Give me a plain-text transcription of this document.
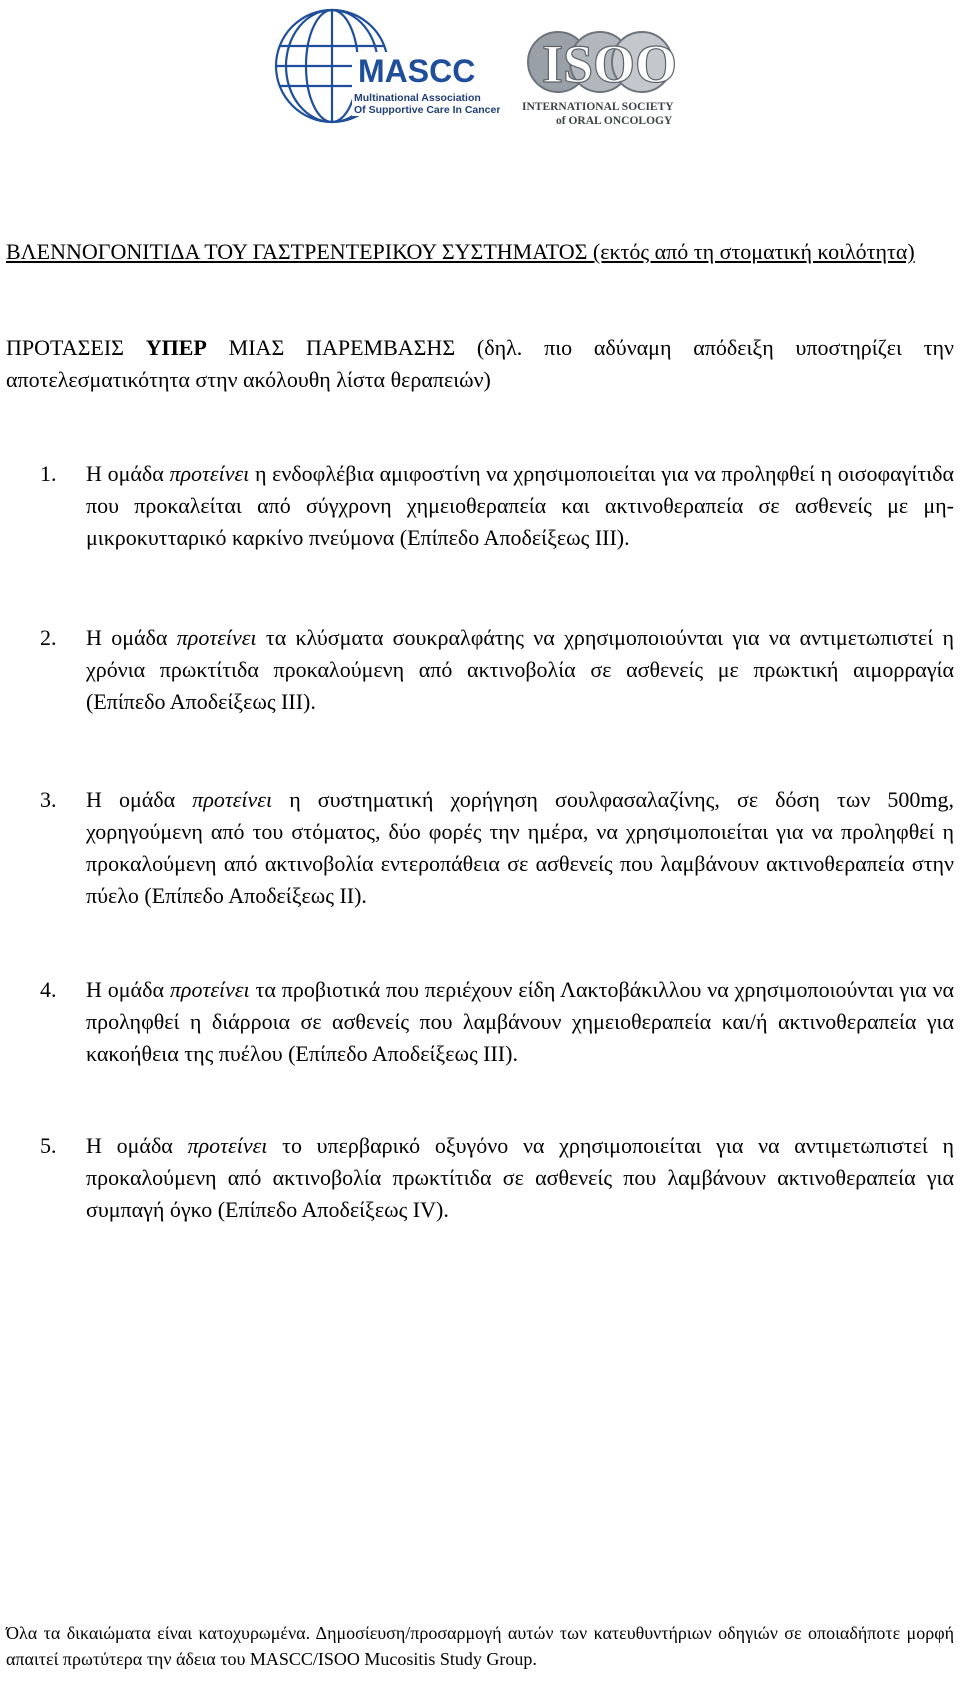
MASCC
Multinational Association
Of Supportive Care In Cancer
ISOO
INTERNATIONAL SOCIETY
of ORAL ONCOLOGY

ΒΛΕΝΝΟΓΟΝΙΤΙΔΑ ΤΟΥ ΓΑΣΤΡΕΝΤΕΡΙΚΟΥ ΣΥΣΤΗΜΑΤΟΣ (εκτός από τη στοματική κοιλότητα)

ΠΡΟΤΑΣΕΙΣ ΥΠΕΡ ΜΙΑΣ ΠΑΡΕΜΒΑΣΗΣ (δηλ. πιο αδύναμη απόδειξη υποστηρίζει την αποτελεσματικότητα στην ακόλουθη λίστα θεραπειών)

1.	Η ομάδα προτείνει η ενδοφλέβια αμιφοστίνη να χρησιμοποιείται για να προληφθεί η οισοφαγίτιδα που προκαλείται από σύγχρονη χημειοθεραπεία και ακτινοθεραπεία σε ασθενείς με μη-μικροκυτταρικό καρκίνο πνεύμονα (Επίπεδο Αποδείξεως ΙΙΙ).
2.	Η ομάδα προτείνει τα κλύσματα σουκραλφάτης να χρησιμοποιούνται για να αντιμετωπιστεί η χρόνια πρωκτίτιδα προκαλούμενη από ακτινοβολία σε ασθενείς με πρωκτική αιμορραγία (Επίπεδο Αποδείξεως ΙΙΙ).
3.	Η ομάδα προτείνει η συστηματική χορήγηση σουλφασαλαζίνης, σε δόση των 500mg, χορηγούμενη από του στόματος, δύο φορές την ημέρα, να χρησιμοποιείται για να προληφθεί η προκαλούμενη από ακτινοβολία εντεροπάθεια σε ασθενείς που λαμβάνουν ακτινοθεραπεία στην πύελο (Επίπεδο Αποδείξεως ΙΙ).
4.	Η ομάδα προτείνει τα προβιοτικά που περιέχουν είδη Λακτοβάκιλλου να χρησιμοποιούνται για να προληφθεί η διάρροια σε ασθενείς που λαμβάνουν χημειοθεραπεία και/ή ακτινοθεραπεία για κακοήθεια της πυέλου (Επίπεδο Αποδείξεως ΙΙΙ).
5.	Η ομάδα προτείνει το υπερβαρικό οξυγόνο να χρησιμοποιείται για να αντιμετωπιστεί η προκαλούμενη από ακτινοβολία πρωκτίτιδα σε ασθενείς που λαμβάνουν ακτινοθεραπεία για συμπαγή όγκο (Επίπεδο Αποδείξεως IV).

Όλα τα δικαιώματα είναι κατοχυρωμένα. Δημοσίευση/προσαρμογή αυτών των κατευθυντήριων οδηγιών σε οποιαδήποτε μορφή απαιτεί πρωτύτερα την άδεια του MASCC/ISOO Mucositis Study Group.
